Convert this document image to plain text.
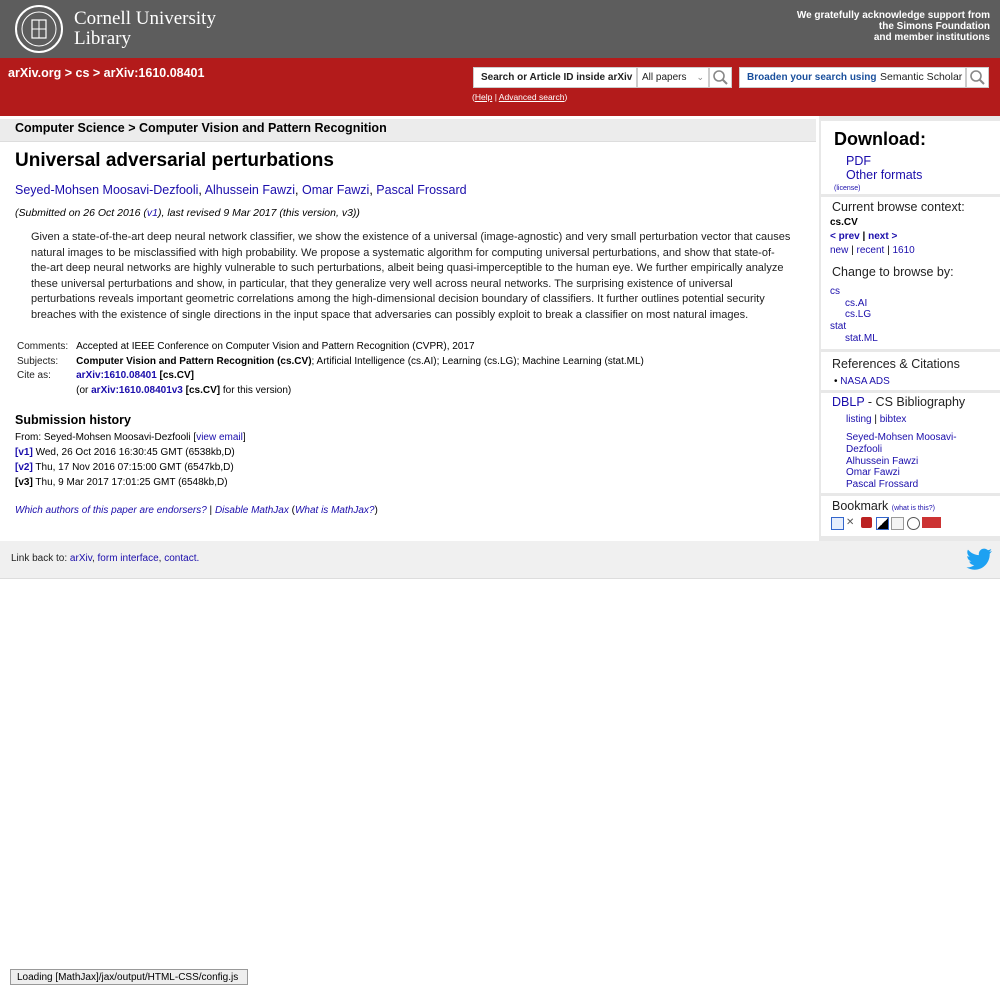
Cornell University
Library
We gratefully acknowledge support from
the Simons Foundation
and member institutions
arXiv.org > cs > arXiv:1610.08401	Search or Article ID inside arXiv All papers ⌄
(Help | Advanced search)
Broaden your search using Semantic Scholar
Computer Science > Computer Vision and Pattern Recognition
Universal adversarial perturbations
Seyed-Mohsen Moosavi-Dezfooli, Alhussein Fawzi, Omar Fawzi, Pascal Frossard
(Submitted on 26 Oct 2016 (v1), last revised 9 Mar 2017 (this version, v3))

Given a state-of-the-art deep neural network classifier, we show the existence of a universal (image-agnostic) and very small perturbation vector that causes natural images to be misclassified with high probability. We propose a systematic algorithm for computing universal perturbations, and show that state-of-the-art deep neural networks are highly vulnerable to such perturbations, albeit being quasi-imperceptible to the human eye. We further empirically analyze these universal perturbations and show, in particular, that they generalize very well across neural networks. The surprising existence of universal perturbations reveals important geometric correlations among the high-dimensional decision boundary of classifiers. It further outlines potential security breaches with the existence of single directions in the input space that adversaries can possibly exploit to break a classifier on most natural images.

Comments:	Accepted at IEEE Conference on Computer Vision and Pattern Recognition (CVPR), 2017
Subjects:	Computer Vision and Pattern Recognition (cs.CV); Artificial Intelligence (cs.AI); Learning (cs.LG); Machine Learning (stat.ML)
Cite as:	arXiv:1610.08401 [cs.CV]
	(or arXiv:1610.08401v3 [cs.CV] for this version)
Submission history
From: Seyed-Mohsen Moosavi-Dezfooli [view email]
[v1] Wed, 26 Oct 2016 16:30:45 GMT (6538kb,D)
[v2] Thu, 17 Nov 2016 07:15:00 GMT (6547kb,D)
[v3] Thu, 9 Mar 2017 17:01:25 GMT (6548kb,D)
Which authors of this paper are endorsers? | Disable MathJax (What is MathJax?)
Download:
PDF
Other formats
(license)
Current browse context:
cs.CV
< prev | next >
new | recent | 1610
Change to browse by:
cs
cs.AI
cs.LG
stat
stat.ML
References & Citations
• NASA ADS
DBLP - CS Bibliography
listing | bibtex
Seyed-Mohsen Moosavi-
Dezfooli
Alhussein Fawzi
Omar Fawzi
Pascal Frossard
Bookmark (what is this?)
✕
Link back to: arXiv, form interface, contact.
Loading [MathJax]/jax/output/HTML-CSS/config.js
